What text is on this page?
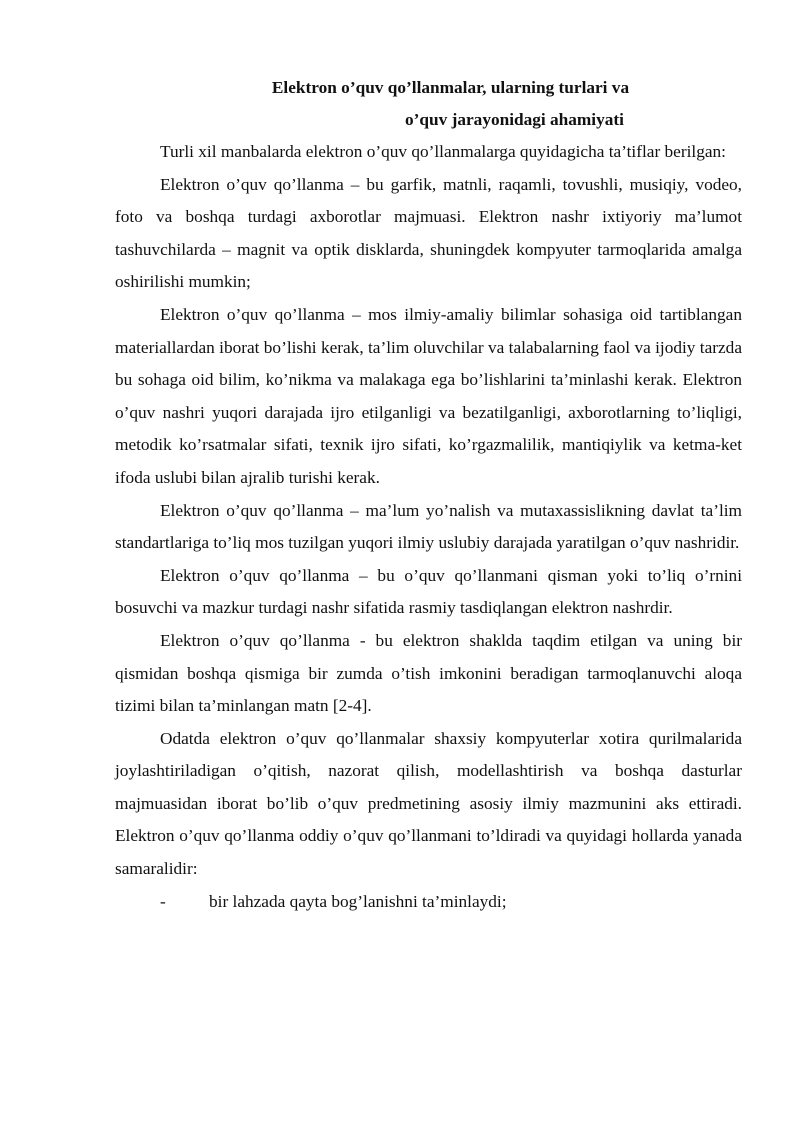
Elektron o’quv qo’llanmalar, ularning turlari va
o’quv jarayonidagi ahamiyati

Turli xil manbalarda elektron o’quv qo’llanmalarga quyidagicha ta’tiflar berilgan:

Elektron o’quv qo’llanma – bu garfik, matnli, raqamli, tovushli, musiqiy, vodeo, foto va boshqa turdagi axborotlar majmuasi. Elektron nashr ixtiyoriy ma’lumot tashuvchilarda – magnit va optik disklarda, shuningdek kompyuter tarmoqlarida amalga oshirilishi mumkin;

Elektron o’quv qo’llanma – mos ilmiy-amaliy bilimlar sohasiga oid tartiblangan materiallardan iborat bo’lishi kerak, ta’lim oluvchilar va talabalarning faol va ijodiy tarzda bu sohaga oid bilim, ko’nikma va malakaga ega bo’lishlarini ta’minlashi kerak. Elektron o’quv nashri yuqori darajada ijro etilganligi va bezatilganligi, axborotlarning to’liqligi, metodik ko’rsatmalar sifati, texnik ijro sifati, ko’rgazmalilik, mantiqiylik va ketma-ket ifoda uslubi bilan ajralib turishi kerak.

Elektron o’quv qo’llanma – ma’lum yo’nalish va mutaxassislikning davlat ta’lim standartlariga to’liq mos tuzilgan yuqori ilmiy uslubiy darajada yaratilgan o’quv nashridir.

Elektron o’quv qo’llanma – bu o’quv qo’llanmani qisman yoki to’liq o’rnini bosuvchi va mazkur turdagi nashr sifatida rasmiy tasdiqlangan elektron nashrdir.

Elektron o’quv qo’llanma - bu elektron shaklda taqdim etilgan va uning bir qismidan boshqa qismiga bir zumda o’tish imkonini beradigan tarmoqlanuvchi aloqa tizimi bilan ta’minlangan matn [2-4].

Odatda elektron o’quv qo’llanmalar shaxsiy kompyuterlar xotira qurilmalarida joylashtiriladigan o’qitish, nazorat qilish, modellashtirish va boshqa dasturlar majmuasidan iborat bo’lib o’quv predmetining asosiy ilmiy mazmunini aks ettiradi. Elektron o’quv qo’llanma oddiy o’quv qo’llanmani to’ldiradi va quyidagi hollarda yanada samaralidir:

-	bir lahzada qayta bog’lanishni ta’minlaydi;
